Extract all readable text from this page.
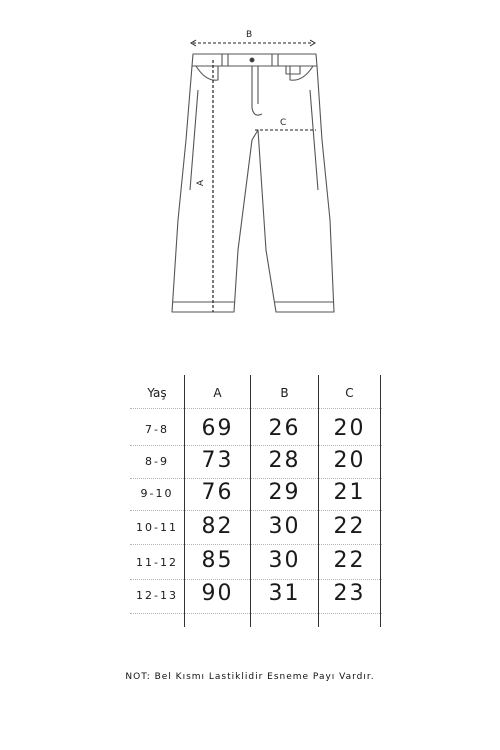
B
C
A
Yaş	A	B	C
7-8	69	26	20
8-9	73	28	20
9-10	76	29	21
10-11	82	30	22
11-12	85	30	22
12-13	90	31	23
NOT: Bel Kısmı Lastiklidir Esneme Payı Vardır.
